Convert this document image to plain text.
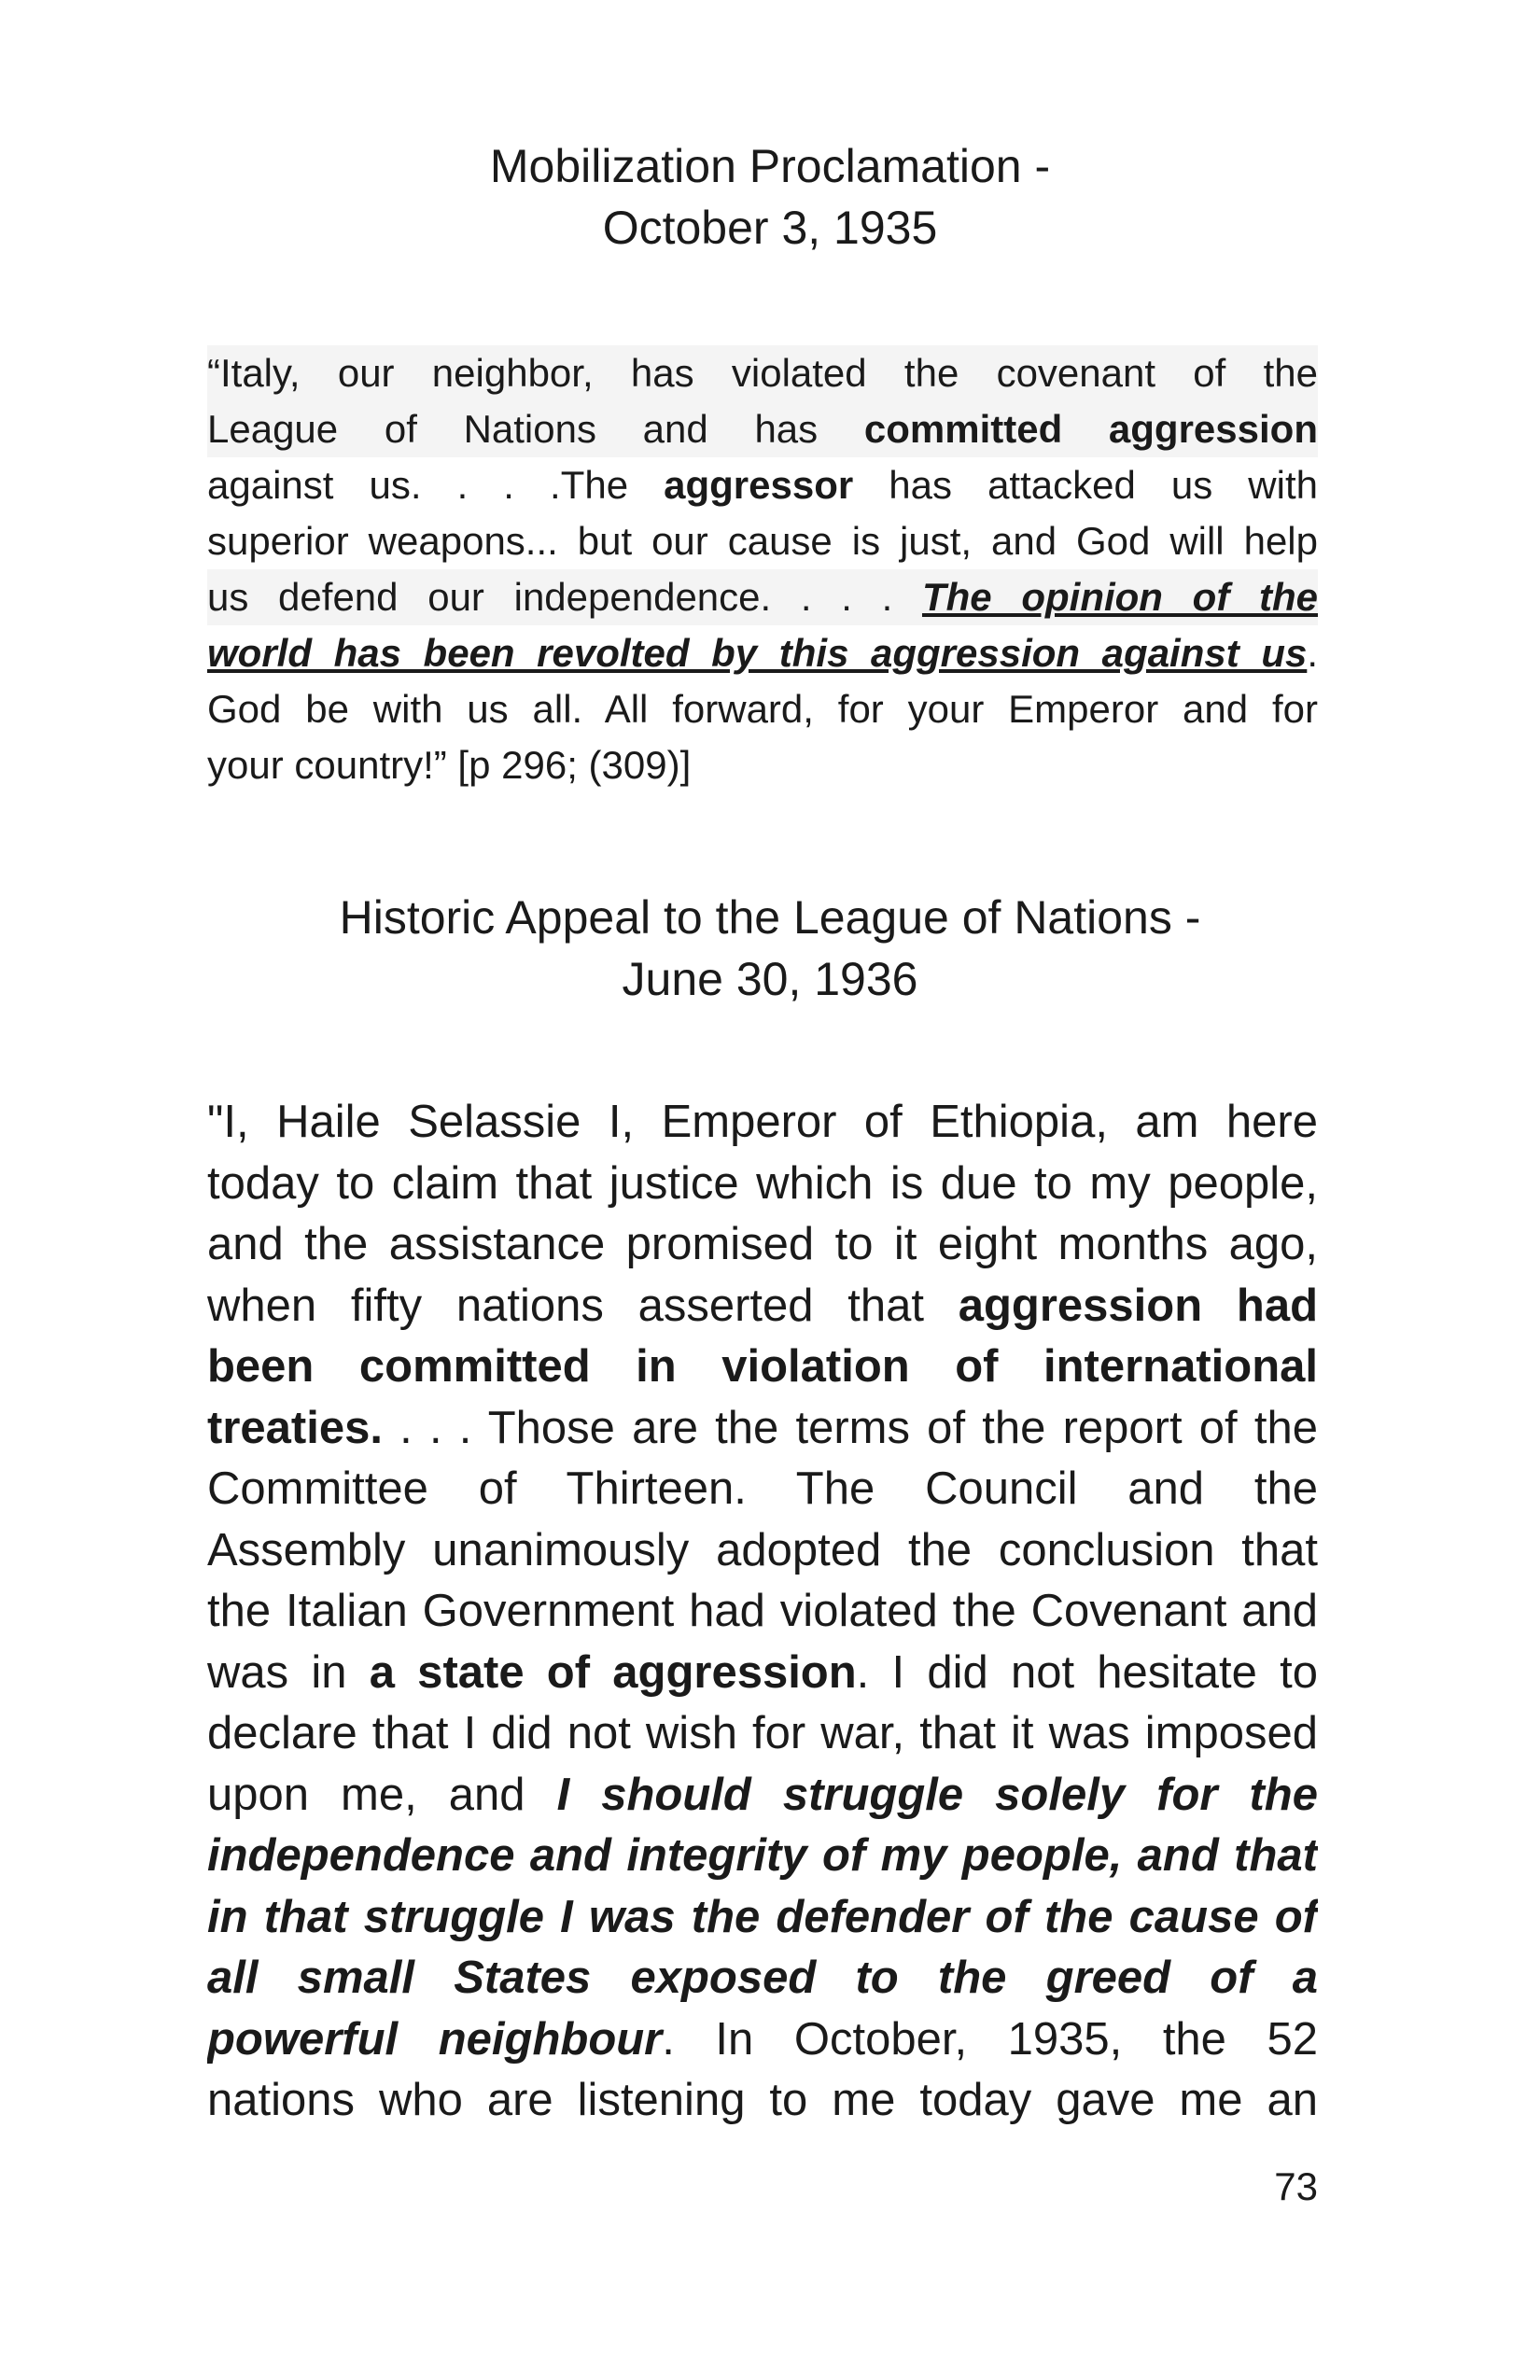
Mobilization Proclamation -
October 3, 1935

“Italy, our neighbor, has violated the covenant of the
League of Nations and has committed aggression
against us. . . .The aggressor has attacked us with
superior weapons... but our cause is just, and God will help
us defend our independence. . . . The opinion of the
world has been revolted by this aggression against us.
God be with us all. All forward, for your Emperor and for
your country!” [p 296; (309)]

Historic Appeal to the League of Nations -
June 30, 1936

"I, Haile Selassie I, Emperor of Ethiopia, am here
today to claim that justice which is due to my people,
and the assistance promised to it eight months ago,
when fifty nations asserted that aggression had
been committed in violation of international
treaties. . . . Those are the terms of the report of the
Committee of Thirteen. The Council and the
Assembly unanimously adopted the conclusion that
the Italian Government had violated the Covenant and
was in a state of aggression. I did not hesitate to
declare that I did not wish for war, that it was imposed
upon me, and I should struggle solely for the
independence and integrity of my people, and that
in that struggle I was the defender of the cause of
all small States exposed to the greed of a
powerful neighbour. In October, 1935, the 52
nations who are listening to me today gave me an

73
